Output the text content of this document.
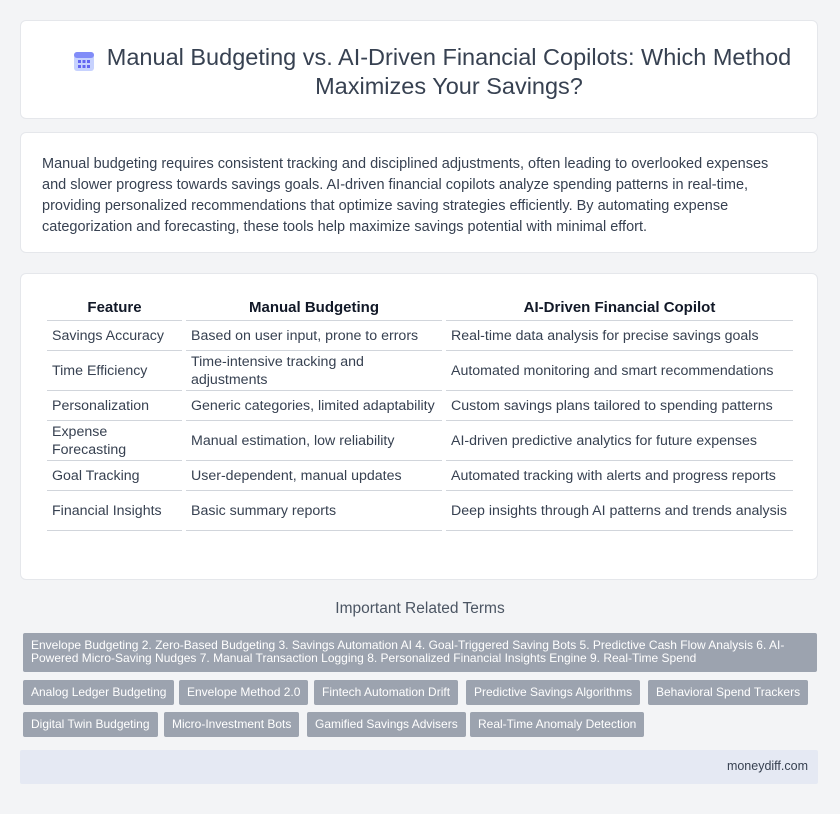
Manual Budgeting vs. AI-Driven Financial Copilots: Which Method Maximizes Your Savings?

Manual budgeting requires consistent tracking and disciplined adjustments, often leading to overlooked expenses and slower progress towards savings goals. AI-driven financial copilots analyze spending patterns in real-time, providing personalized recommendations that optimize saving strategies efficiently. By automating expense categorization and forecasting, these tools help maximize savings potential with minimal effort.

Feature	Manual Budgeting	AI-Driven Financial Copilot
Savings Accuracy	Based on user input, prone to errors	Real-time data analysis for precise savings goals
Time Efficiency	Time-intensive tracking and adjustments	Automated monitoring and smart recommendations
Personalization	Generic categories, limited adaptability	Custom savings plans tailored to spending patterns
Expense Forecasting	Manual estimation, low reliability	AI-driven predictive analytics for future expenses
Goal Tracking	User-dependent, manual updates	Automated tracking with alerts and progress reports
Financial Insights	Basic summary reports	Deep insights through AI patterns and trends analysis
Important Related Terms
Envelope Budgeting 2. Zero-Based Budgeting 3. Savings Automation AI 4. Goal-Triggered Saving Bots 5. Predictive Cash Flow Analysis 6. AI-Powered Micro-Saving Nudges 7. Manual Transaction Logging 8. Personalized Financial Insights Engine 9. Real-Time Spend
Analog Ledger Budgeting	Envelope Method 2.0	Fintech Automation Drift	Predictive Savings Algorithms	Behavioral Spend Trackers
Digital Twin Budgeting	Micro-Investment Bots	Gamified Savings Advisers	Real-Time Anomaly Detection
moneydiff.com
